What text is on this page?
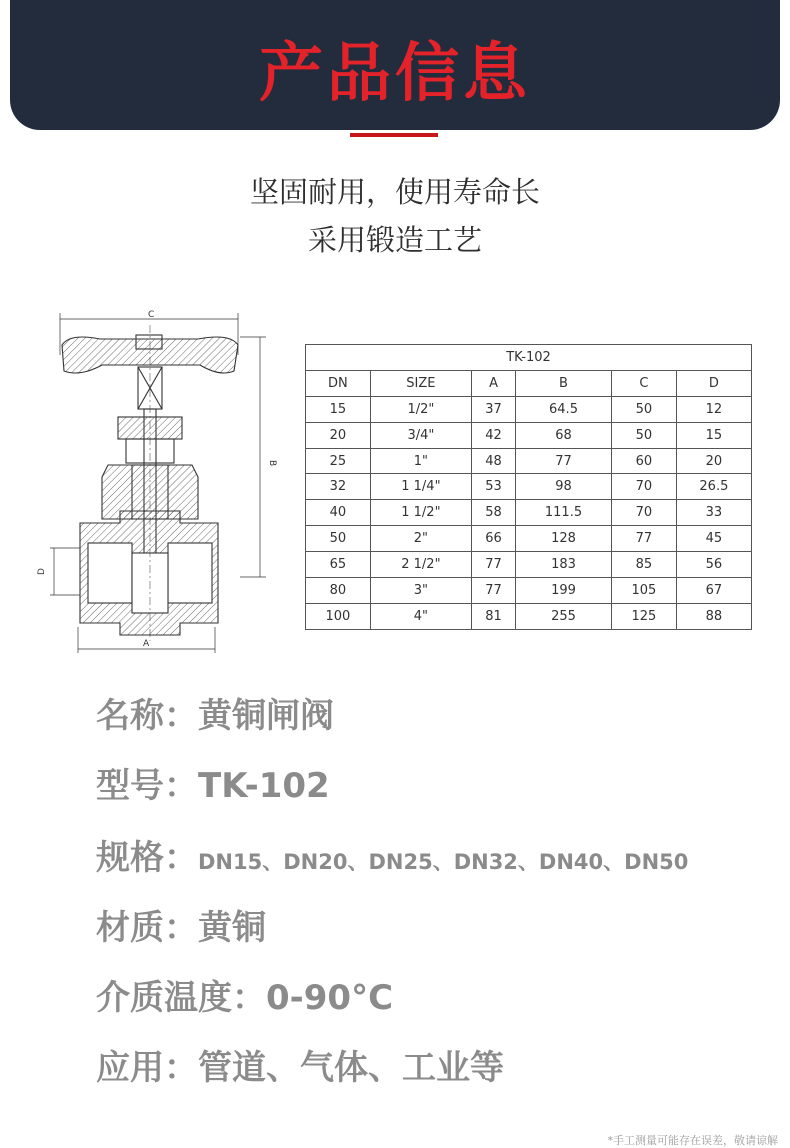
产品信息
坚固耐用，使用寿命长
采用锻造工艺
C
B
D
A
TK-102					
DN	SIZE	A	B	C	D
15	1/2"	37	64.5	50	12
20	3/4"	42	68	50	15
25	1"	48	77	60	20
32	1 1/4"	53	98	70	26.5
40	1 1/2"	58	111.5	70	33
50	2"	66	128	77	45
65	2 1/2"	77	183	85	56
80	3"	77	199	105	67
100	4"	81	255	125	88
名称：黄铜闸阀
型号：TK-102
规格：DN15、DN20、DN25、DN32、DN40、DN50
材质：黄铜
介质温度：0-90°C
应用：管道、气体、工业等
*手工测量可能存在误差，敬请谅解
